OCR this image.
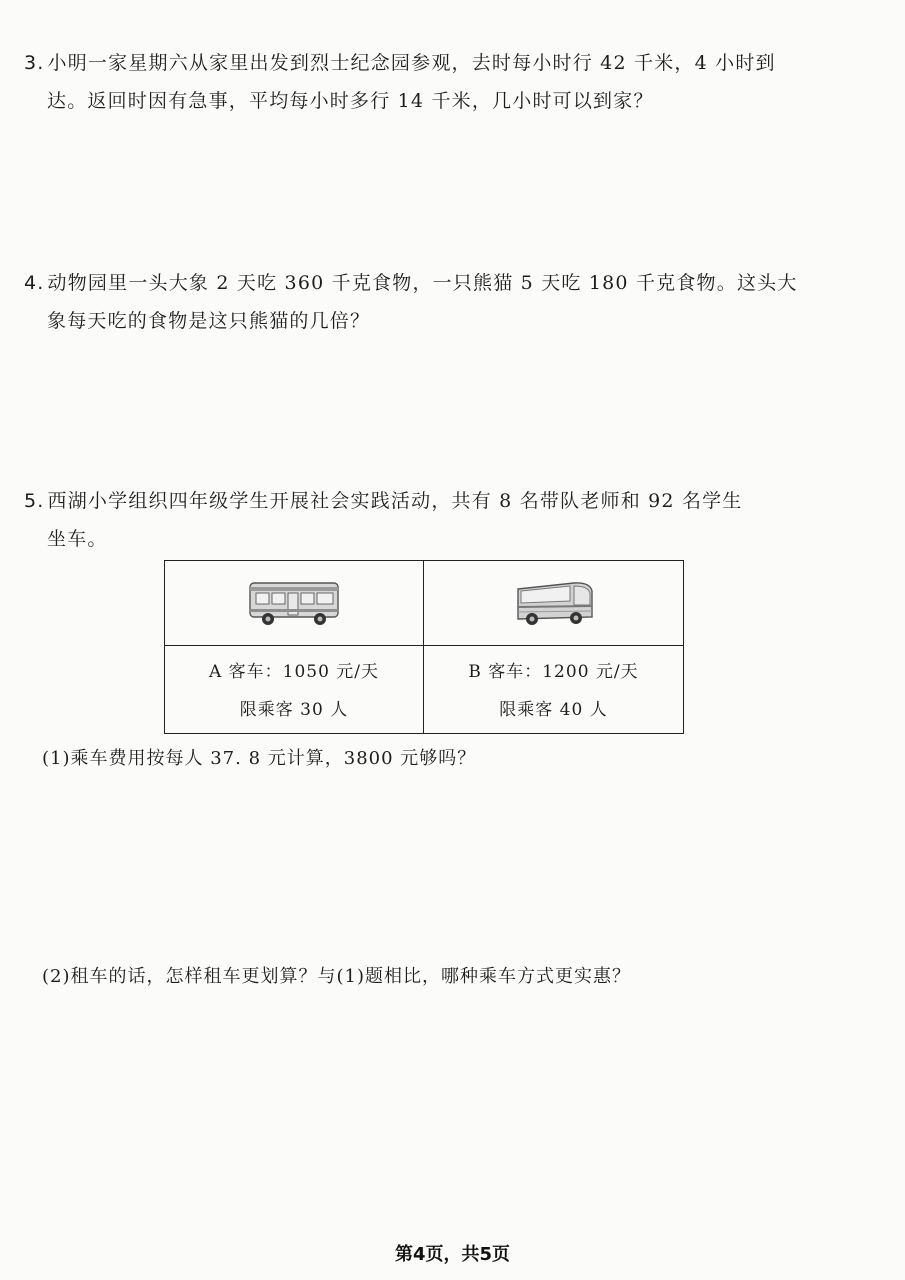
3. 小明一家星期六从家里出发到烈士纪念园参观，去时每小时行 42 千米，4 小时到
达。返回时因有急事，平均每小时多行 14 千米，几小时可以到家？
4. 动物园里一头大象 2 天吃 360 千克食物，一只熊猫 5 天吃 180 千克食物。这头大
象每天吃的食物是这只熊猫的几倍？
5. 西湖小学组织四年级学生开展社会实践活动，共有 8 名带队老师和 92 名学生
坐车。
A 客车：1050 元/天
限乘客 30 人
B 客车：1200 元/天
限乘客 40 人
(1)乘车费用按每人 37. 8 元计算，3800 元够吗？
(2)租车的话，怎样租车更划算？与(1)题相比，哪种乘车方式更实惠？
第4页，共5页
